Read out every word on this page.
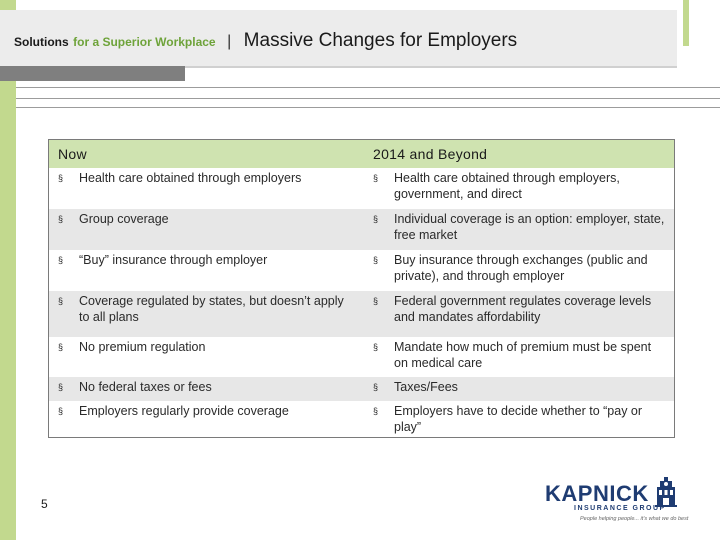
Solutions for a Superior Workplace | Massive Changes for Employers
Now	2014 and Beyond

§ Health care obtained through employers	§ Health care obtained through employers, government, and direct

§ Group coverage	§ Individual coverage is an option: employer, state, free market

§ “Buy” insurance through employer	§ Buy insurance through exchanges (public and private), and through employer

§ Coverage regulated by states, but doesn’t apply to all plans	§ Federal government regulates coverage levels and mandates affordability

§ No premium regulation	§ Mandate how much of premium must be spent on medical care

§ No federal taxes or fees	§ Taxes/Fees

§ Employers regularly provide coverage	§ Employers have to decide whether to “pay or play”
5	KAPNICK
INSURANCE GROUP
People helping people... it's what we do best
